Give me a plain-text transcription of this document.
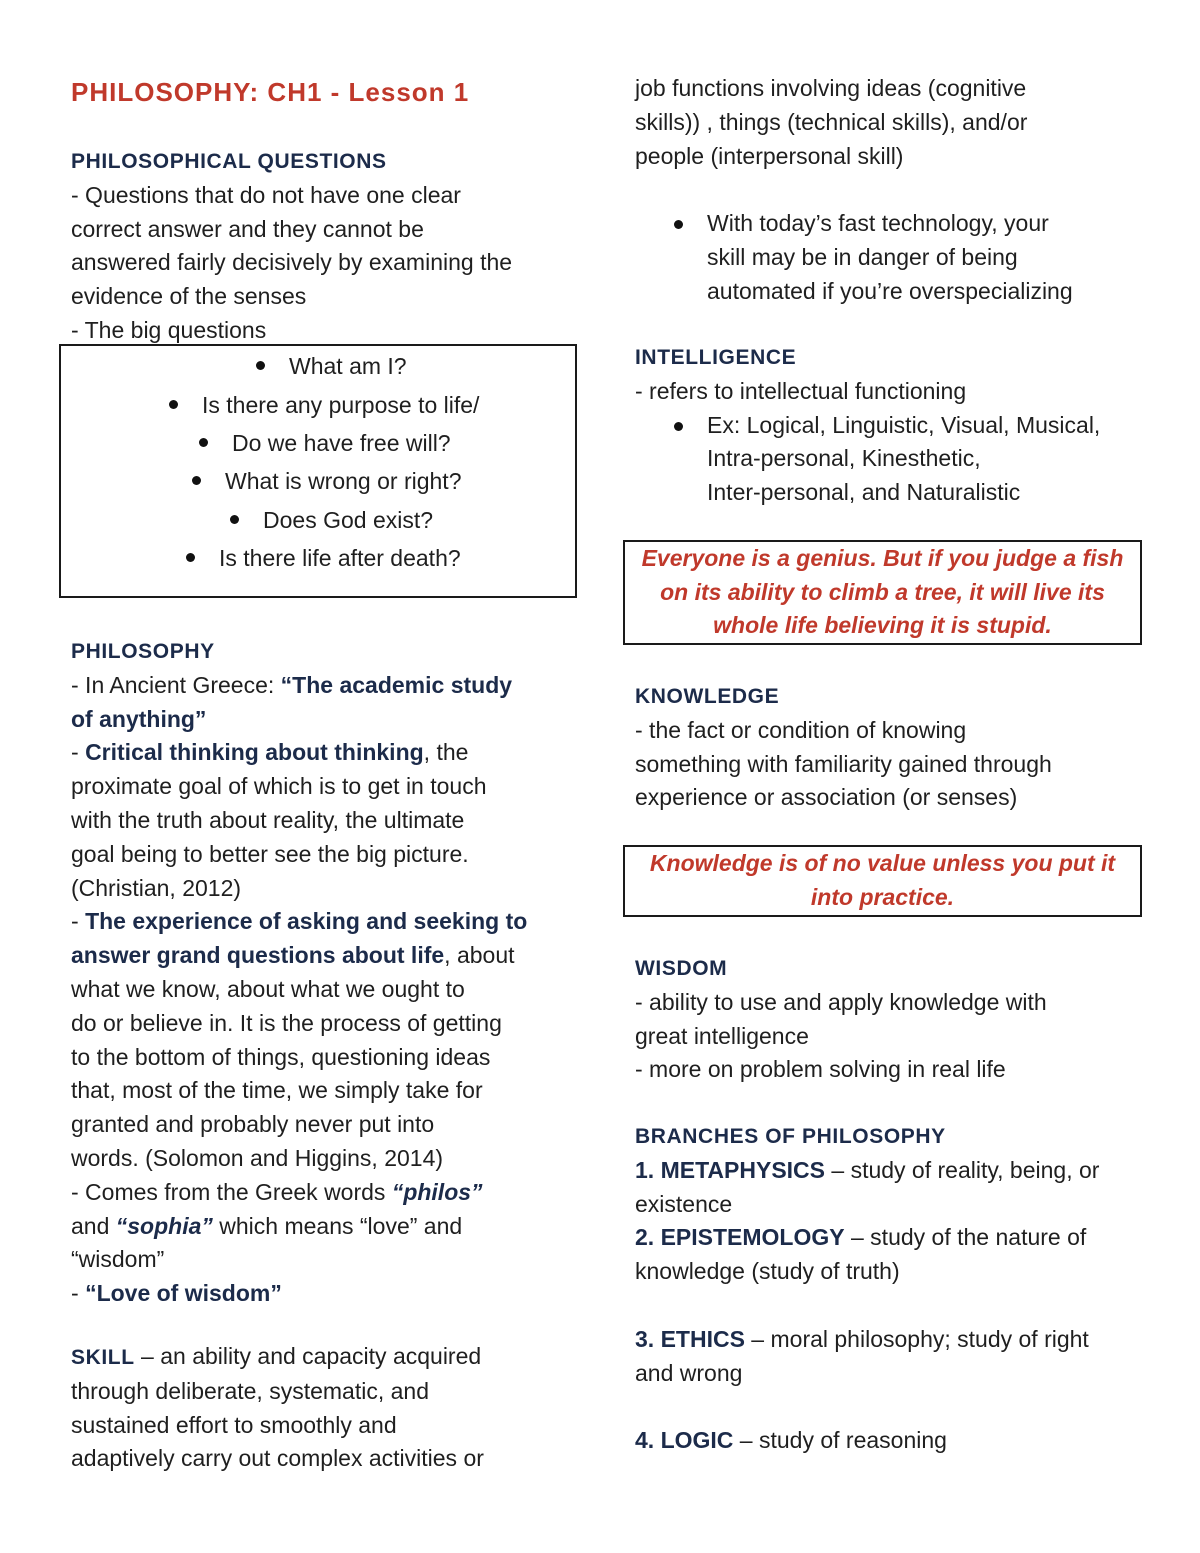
PHILOSOPHY: CH1 - Lesson 1

PHILOSOPHICAL QUESTIONS

- Questions that do not have one clear

correct answer and they cannot be

answered fairly decisively by examining the

evidence of the senses

- The big questions

What am I?
Is there any purpose to life/
Do we have free will?
What is wrong or right?
Does God exist?
Is there life after death?

PHILOSOPHY

- In Ancient Greece: “The academic study

of anything”

- Critical thinking about thinking, the

proximate goal of which is to get in touch

with the truth about reality, the ultimate

goal being to better see the big picture.

(Christian, 2012)

- The experience of asking and seeking to

answer grand questions about life, about

what we know, about what we ought to

do or believe in. It is the process of getting

to the bottom of things, questioning ideas

that, most of the time, we simply take for

granted and probably never put into

words. (Solomon and Higgins, 2014)

- Comes from the Greek words “philos”

and “sophia” which means “love” and

“wisdom”

- “Love of wisdom”

SKILL – an ability and capacity acquired

through deliberate, systematic, and

sustained effort to smoothly and

adaptively carry out complex activities or

job functions involving ideas (cognitive

skills)) , things (technical skills), and/or

people (interpersonal skill)

With today’s fast technology, your

skill may be in danger of being

automated if you’re overspecializing

INTELLIGENCE

- refers to intellectual functioning

Ex: Logical, Linguistic, Visual, Musical,

Intra-personal, Kinesthetic,

Inter-personal, and Naturalistic

Everyone is a genius. But if you judge a fish

on its ability to climb a tree, it will live its

whole life believing it is stupid.

KNOWLEDGE

- the fact or condition of knowing

something with familiarity gained through

experience or association (or senses)

Knowledge is of no value unless you put it

into practice.

WISDOM

- ability to use and apply knowledge with

great intelligence

- more on problem solving in real life

BRANCHES OF PHILOSOPHY

1. METAPHYSICS – study of reality, being, or

existence

2. EPISTEMOLOGY – study of the nature of

knowledge (study of truth)

3. ETHICS – moral philosophy; study of right

and wrong

4. LOGIC – study of reasoning
